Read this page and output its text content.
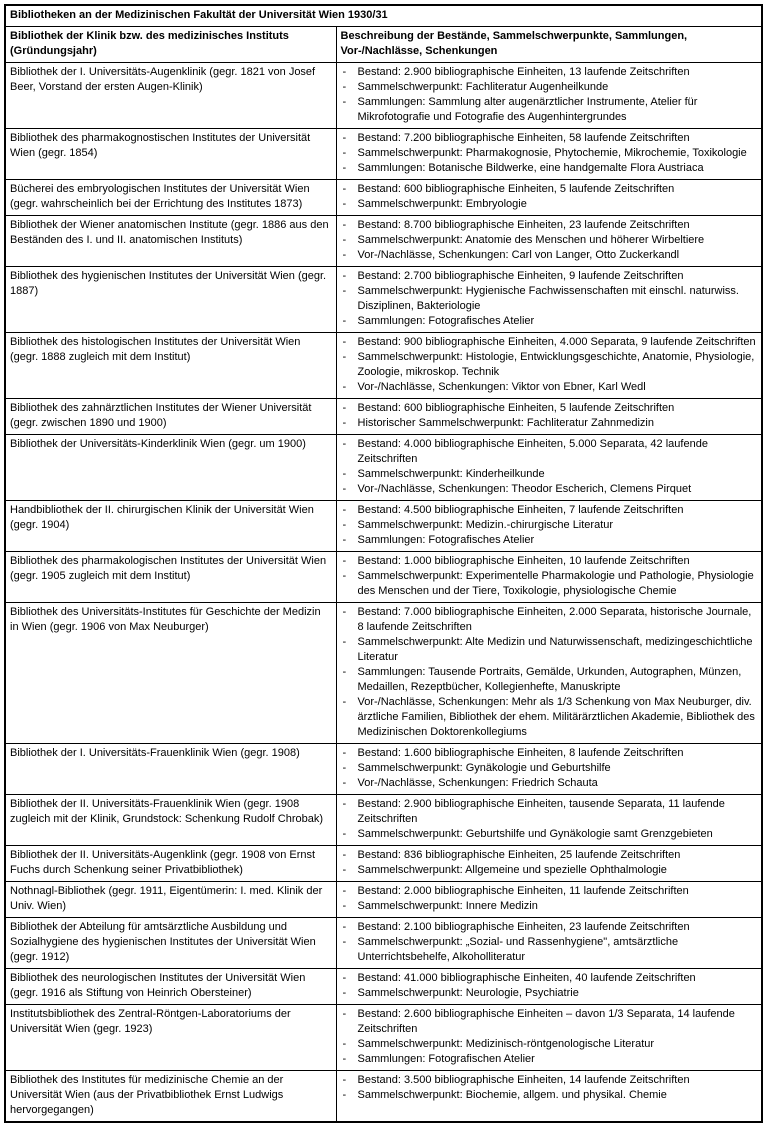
Bibliotheken an der Medizinischen Fakultät der Universität Wien 1930/31	
Bibliothek der Klinik bzw. des medizinisches Instituts (Gründungsjahr)	Beschreibung der Bestände, Sammelschwerpunkte, Sammlungen, Vor-/Nachlässe, Schenkungen
Bibliothek der I. Universitäts-Augenklinik (gegr. 1821 von Josef Beer, Vorstand der ersten Augen-Klinik)	
- Bestand: 2.900 bibliographische Einheiten, 13 laufende Zeitschriften
- Sammelschwerpunkt: Fachliteratur Augenheilkunde
- Sammlungen: Sammlung alter augenärztlicher Instrumente, Atelier für Mikrofotografie und Fotografie des Augenhintergrundes

Bibliothek des pharmakognostischen Institutes der Universität Wien (gegr. 1854)	
- Bestand: 7.200 bibliographische Einheiten, 58 laufende Zeitschriften
- Sammelschwerpunkt: Pharmakognosie, Phytochemie, Mikrochemie, Toxikologie
- Sammlungen: Botanische Bildwerke, eine handgemalte Flora Austriaca

Bücherei des embryologischen Institutes der Universität Wien (gegr. wahrscheinlich bei der Errichtung des Institutes 1873)	- Bestand: 600 bibliographische Einheiten, 5 laufende Zeitschriften
- Sammelschwerpunkt: Embryologie

Bibliothek der Wiener anatomischen Institute (gegr. 1886 aus den Beständen des I. und II. anatomischen Instituts)	
- Bestand: 8.700 bibliographische Einheiten, 23 laufende Zeitschriften
- Sammelschwerpunkt: Anatomie des Menschen und höherer Wirbeltiere
- Vor-/Nachlässe, Schenkungen: Carl von Langer, Otto Zuckerkandl

Bibliothek des hygienischen Institutes der Universität Wien (gegr. 1887)	
- Bestand: 2.700 bibliographische Einheiten, 9 laufende Zeitschriften
- Sammelschwerpunkt: Hygienische Fachwissenschaften mit einschl. naturwiss. Disziplinen, Bakteriologie
- Sammlungen: Fotografisches Atelier

Bibliothek des histologischen Institutes der Universität Wien (gegr. 1888 zugleich mit dem Institut)	
- Bestand: 900 bibliographische Einheiten, 4.000 Separata, 9 laufende Zeitschriften
- Sammelschwerpunkt: Histologie, Entwicklungsgeschichte, Anatomie, Physiologie, Zoologie, mikroskop. Technik
- Vor-/Nachlässe, Schenkungen: Viktor von Ebner, Karl Wedl

Bibliothek des zahnärztlichen Institutes der Wiener Universität (gegr. zwischen 1890 und 1900)	- Bestand: 600 bibliographische Einheiten, 5 laufende Zeitschriften
- Historischer Sammelschwerpunkt: Fachliteratur Zahnmedizin

Bibliothek der Universitäts-Kinderklinik Wien (gegr. um 1900)	- Bestand: 4.000 bibliographische Einheiten, 5.000 Separata, 42 laufende Zeitschriften
- Sammelschwerpunkt: Kinderheilkunde
- Vor-/Nachlässe, Schenkungen: Theodor Escherich, Clemens Pirquet

Handbibliothek der II. chirurgischen Klinik der Universität Wien (gegr. 1904)	
- Bestand: 4.500 bibliographische Einheiten, 7 laufende Zeitschriften
- Sammelschwerpunkt: Medizin.-chirurgische Literatur
- Sammlungen: Fotografisches Atelier

Bibliothek des pharmakologischen Institutes der Universität Wien (gegr. 1905 zugleich mit dem Institut)	- Bestand: 1.000 bibliographische Einheiten, 10 laufende Zeitschriften
- Sammelschwerpunkt: Experimentelle Pharmakologie und Pathologie, Physiologie des Menschen und der Tiere, Toxikologie, physiologische Chemie

Bibliothek des Universitäts-Institutes für Geschichte der Medizin in Wien (gegr. 1906 von Max Neuburger)	
- Bestand: 7.000 bibliographische Einheiten, 2.000 Separata, historische Journale, 8 laufende Zeitschriften
- Sammelschwerpunkt: Alte Medizin und Naturwissenschaft, medizingeschichtliche Literatur
- Sammlungen: Tausende Portraits, Gemälde, Urkunden, Autographen, Münzen, Medaillen, Rezeptbücher, Kollegienhefte, Manuskripte
- Vor-/Nachlässe, Schenkungen: Mehr als 1/3 Schenkung von Max Neuburger, div. ärztliche Familien, Bibliothek der ehem. Militärärztlichen Akademie, Bibliothek des Medizinischen Doktorenkollegiums

Bibliothek der I. Universitäts-Frauenklinik Wien (gegr. 1908)	- Bestand: 1.600 bibliographische Einheiten, 8 laufende Zeitschriften
- Sammelschwerpunkt: Gynäkologie und Geburtshilfe
- Vor-/Nachlässe, Schenkungen: Friedrich Schauta

Bibliothek der II. Universitäts-Frauenklinik Wien (gegr. 1908 zugleich mit der Klinik, Grundstock: Schenkung Rudolf Chrobak)	- Bestand: 2.900 bibliographische Einheiten, tausende Separata, 11 laufende Zeitschriften
- Sammelschwerpunkt: Geburtshilfe und Gynäkologie samt Grenzgebieten

Bibliothek der II. Universitäts-Augenklink (gegr. 1908 von Ernst Fuchs durch Schenkung seiner Privatbibliothek)	- Bestand: 836 bibliographische Einheiten, 25 laufende Zeitschriften
- Sammelschwerpunkt: Allgemeine und spezielle Ophthalmologie

Nothnagl-Bibliothek (gegr. 1911, Eigentümerin: I. med. Klinik der Univ. Wien)	- Bestand: 2.000 bibliographische Einheiten, 11 laufende Zeitschriften
- Sammelschwerpunkt: Innere Medizin

Bibliothek der Abteilung für amtsärztliche Ausbildung und Sozialhygiene des hygienischen Institutes der Universität Wien (gegr. 1912)	- Bestand: 2.100 bibliographische Einheiten, 23 laufende Zeitschriften
- Sammelschwerpunkt: „Sozial- und Rassenhygiene", amtsärztliche Unterrichtsbehelfe, Alkoholliteratur

Bibliothek des neurologischen Institutes der Universität Wien (gegr. 1916 als Stiftung von Heinrich Obersteiner)	- Bestand: 41.000 bibliographische Einheiten, 40 laufende Zeitschriften
- Sammelschwerpunkt: Neurologie, Psychiatrie

Institutsbibliothek des Zentral-Röntgen-Laboratoriums der Universität Wien (gegr. 1923)	
- Bestand: 2.600 bibliographische Einheiten – davon 1/3 Separata, 14 laufende Zeitschriften
- Sammelschwerpunkt: Medizinisch-röntgenologische Literatur
- Sammlungen: Fotografischen Atelier

Bibliothek des Institutes für medizinische Chemie an der Universität Wien (aus der Privatbibliothek Ernst Ludwigs hervorgegangen)	- Bestand: 3.500 bibliographische Einheiten, 14 laufende Zeitschriften
- Sammelschwerpunkt: Biochemie, allgem. und physikal. Chemie
